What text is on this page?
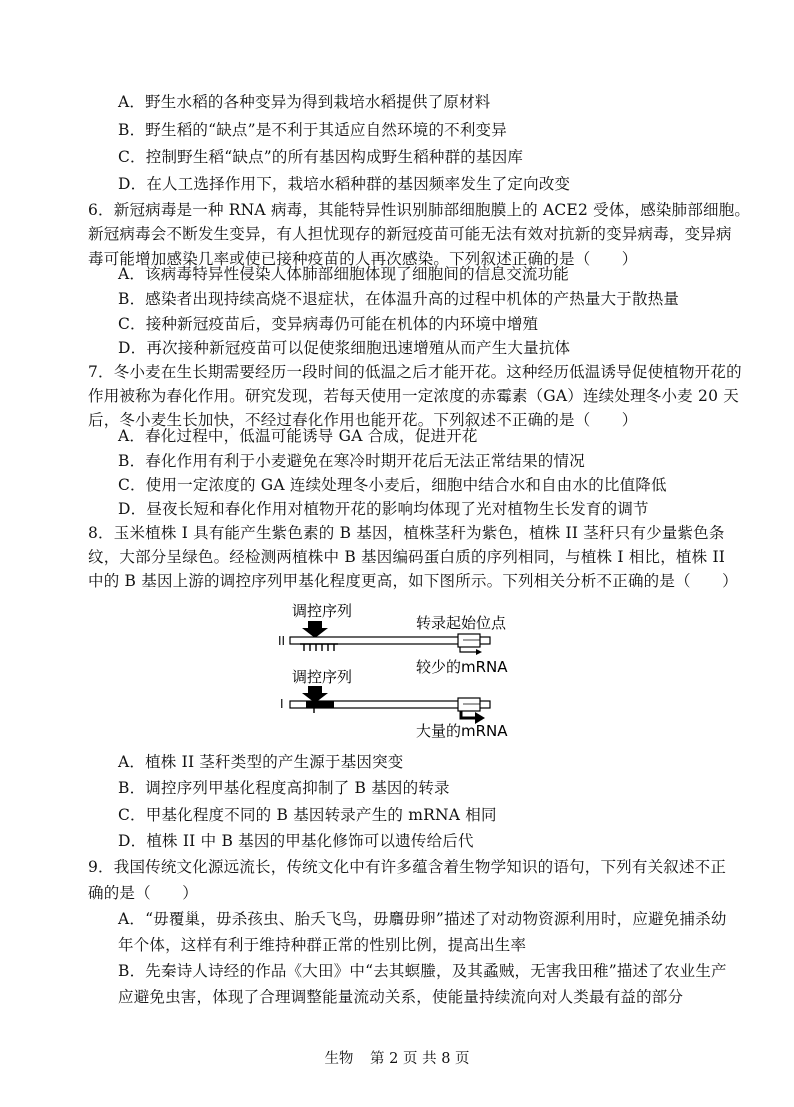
A．野生水稻的各种变异为得到栽培水稻提供了原材料
B．野生稻的“缺点”是不利于其适应自然环境的不利变异
C．控制野生稻“缺点”的所有基因构成野生稻种群的基因库
D．在人工选择作用下，栽培水稻种群的基因频率发生了定向改变
6．新冠病毒是一种 RNA 病毒，其能特异性识别肺部细胞膜上的 ACE2 受体，感染肺部细胞。
新冠病毒会不断发生变异，有人担忧现存的新冠疫苗可能无法有效对抗新的变异病毒，变异病
毒可能增加感染几率或使已接种疫苗的人再次感染。下列叙述正确的是（　　）
A．该病毒特异性侵染人体肺部细胞体现了细胞间的信息交流功能
B．感染者出现持续高烧不退症状，在体温升高的过程中机体的产热量大于散热量
C．接种新冠疫苗后，变异病毒仍可能在机体的内环境中增殖
D．再次接种新冠疫苗可以促使浆细胞迅速增殖从而产生大量抗体
7．冬小麦在生长期需要经历一段时间的低温之后才能开花。这种经历低温诱导促使植物开花的
作用被称为春化作用。研究发现，若每天使用一定浓度的赤霉素（GA）连续处理冬小麦 20 天
后，冬小麦生长加快，不经过春化作用也能开花。下列叙述不正确的是（　　）
A．春化过程中，低温可能诱导 GA 合成，促进开花
B．春化作用有利于小麦避免在寒冷时期开花后无法正常结果的情况
C．使用一定浓度的 GA 连续处理冬小麦后，细胞中结合水和自由水的比值降低
D．昼夜长短和春化作用对植物开花的影响均体现了光对植物生长发育的调节
8．玉米植株 I 具有能产生紫色素的 B 基因，植株茎秆为紫色，植株 II 茎秆只有少量紫色条
纹，大部分呈绿色。经检测两植株中 B 基因编码蛋白质的序列相同，与植株 I 相比，植株 II
中的 B 基因上游的调控序列甲基化程度更高，如下图所示。下列相关分析不正确的是（　　）
调控序列
II
转录起始位点
较少的mRNA
调控序列
I
大量的mRNA
A．植株 II 茎秆类型的产生源于基因突变
B．调控序列甲基化程度高抑制了 B 基因的转录
C．甲基化程度不同的 B 基因转录产生的 mRNA 相同
D．植株 II 中 B 基因的甲基化修饰可以遗传给后代
9．我国传统文化源远流长，传统文化中有许多蕴含着生物学知识的语句，下列有关叙述不正
确的是（　　）
A．“毋覆巢，毋杀孩虫、胎夭飞鸟，毋麛毋卵”描述了对动物资源利用时，应避免捕杀幼
年个体，这样有利于维持种群正常的性别比例，提高出生率
B．先秦诗人诗经的作品《大田》中“去其螟螣，及其蟊贼，无害我田稚”描述了农业生产
应避免虫害，体现了合理调整能量流动关系，使能量持续流向对人类最有益的部分
生物 第 2 页 共 8 页
